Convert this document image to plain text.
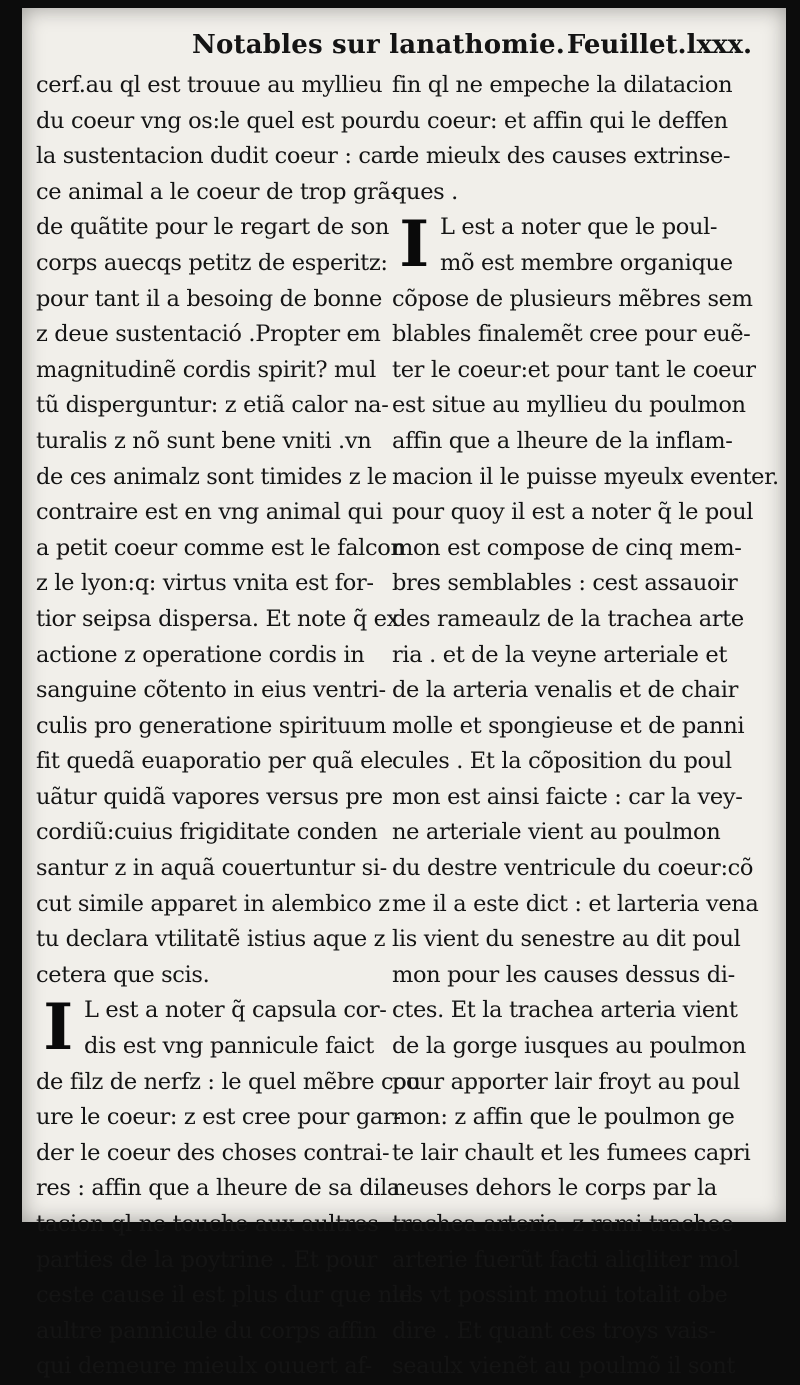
Notables sur lanathomie. Feuillet.lxxx.
cerf.au ql est trouue au myllieu
du coeur vng os:le quel est pour
la sustentacion dudit coeur : car
ce animal a le coeur de trop grã-
de quãtite pour le regart de son
corps auecqs petitz de esperitz:
pour tant il a besoing de bonne
z deue sustentació .Propter em
magnitudinẽ cordis spirit? mul
tũ disperguntur: z etiã calor na-
turalis z nõ sunt bene vniti .vn
de ces animalz sont timides z le
contraire est en vng animal qui
a petit coeur comme est le falcon
z le lyon:q: virtus vnita est for-
tior seipsa dispersa. Et note q̃ ex
actione z operatione cordis in
sanguine cõtento in eius ventri-
culis pro generatione spirituum
fit quedã euaporatio per quã ele
uãtur quidã vapores versus pre
cordiũ:cuius frigiditate conden
santur z in aquã couertuntur si-
cut simile apparet in alembico z
tu declara vtilitatẽ istius aque z
cetera que scis.
I L est a noter q̃ capsula cor-
dis est vng pannicule faict
de filz de nerfz : le quel mẽbre cou
ure le coeur: z est cree pour gar-
der le coeur des choses contrai-
res : affin que a lheure de sa dila
tacion ql ne touche aux aultres
parties de la poytrine . Et pour
ceste cause il est plus dur que nul
aultre pannicule du corps affin
qui demeure mieulx ouuert af-
fin ql ne empeche la dilatacion
du coeur: et affin qui le deffen
de mieulx des causes extrinse-
ques .
I L est a noter que le poul-
mõ est membre organique
cõpose de plusieurs mẽbres sem
blables finalemẽt cree pour euẽ-
ter le coeur:et pour tant le coeur
est situe au myllieu du poulmon
affin que a lheure de la inflam-
macion il le puisse myeulx eventer.
pour quoy il est a noter q̃ le poul
mon est compose de cinq mem-
bres semblables : cest assauoir
des rameaulz de la trachea arte
ria . et de la veyne arteriale et
de la arteria venalis et de chair
molle et spongieuse et de panni
cules . Et la cõposition du poul
mon est ainsi faicte : car la vey-
ne arteriale vient au poulmon
du destre ventricule du coeur:cõ
me il a este dict : et larteria vena
lis vient du senestre au dit poul
mon pour les causes dessus di-
ctes. Et la trachea arteria vient
de la gorge iusques au poulmon
pour apporter lair froyt au poul
mon: z affin que le poulmon ge
te lair chault et les fumees capri
neuses dehors le corps par la
trachea arteria. z rami trachee
arterie fuerũt facti aliqliter mol
les vt possint motui totalit obe
dire . Et quant ces troys vais-
seaulx vienẽt au poulmõ il sont
